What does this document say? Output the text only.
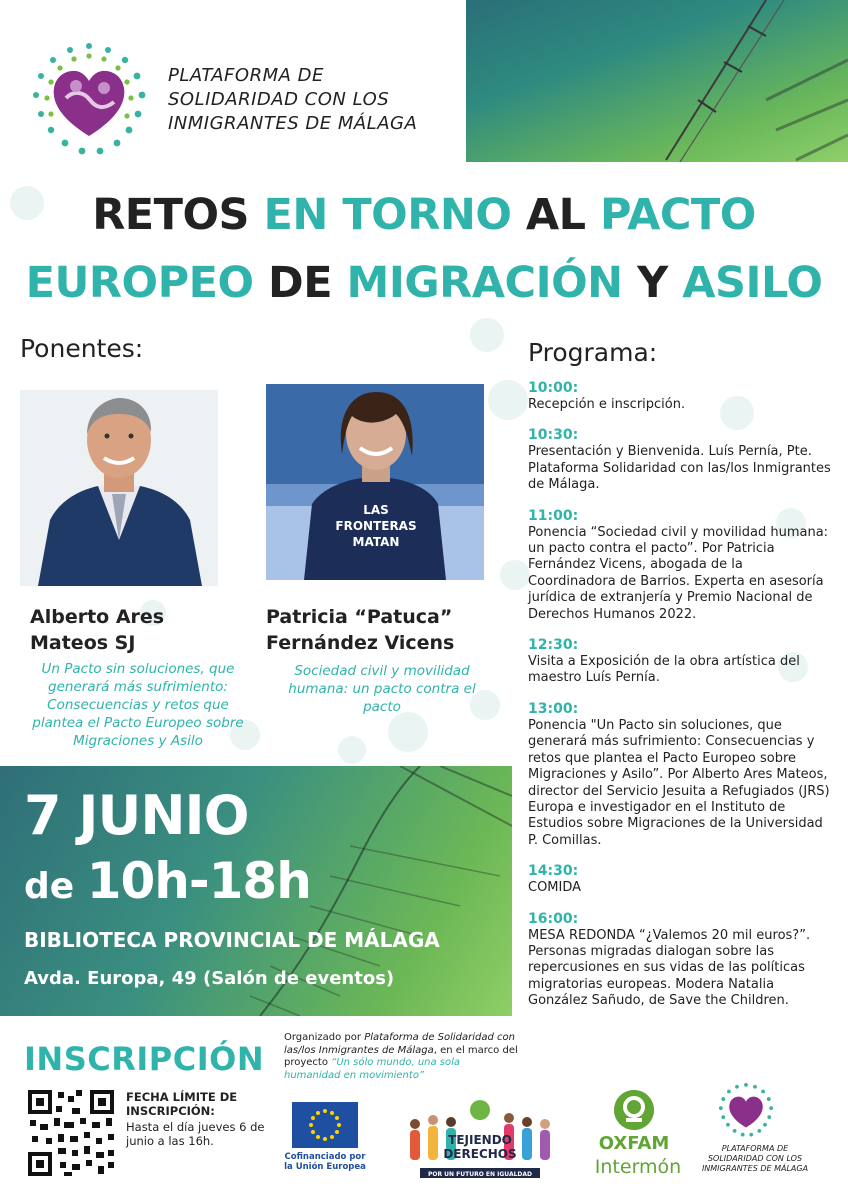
PLATAFORMA DE
SOLIDARIDAD CON LOS
INMIGRANTES DE MÁLAGA
RETOS EN TORNO AL PACTO
EUROPEO DE MIGRACIÓN Y ASILO
Ponentes:
LAS
FRONTERAS
MATAN
Alberto Ares
Mateos SJ
Patricia “Patuca”
Fernández Vicens
Un Pacto sin soluciones, que
generará más sufrimiento:
Consecuencias y retos que
plantea el Pacto Europeo sobre
Migraciones y Asilo
Sociedad civil y movilidad
humana: un pacto contra el
pacto
7 JUNIO
de 10h-18h
BIBLIOTECA PROVINCIAL DE MÁLAGA
Avda. Europa, 49 (Salón de eventos)
Programa:
10:00:
Recepción e inscripción.
10:30:
Presentación y Bienvenida. Luís Pernía, Pte. Plataforma Solidaridad con las/los Inmigrantes de Málaga.
11:00:
Ponencia “Sociedad civil y movilidad humana: un pacto contra el pacto”. Por Patricia Fernández Vicens, abogada de la Coordinadora de Barrios. Experta en asesoría jurídica de extranjería y Premio Nacional de Derechos Humanos 2022.
12:30:
Visita a Exposición de la obra artística del maestro Luís Pernía.
13:00:
Ponencia "Un Pacto sin soluciones, que generará más sufrimiento: Consecuencias y retos que plantea el Pacto Europeo sobre Migraciones y Asilo”. Por Alberto Ares Mateos, director del Servicio Jesuita a Refugiados (JRS) Europa e investigador en el Instituto de Estudios sobre Migraciones de la Universidad P. Comillas.
14:30:
COMIDA
16:00:
MESA REDONDA “¿Valemos 20 mil euros?”. Personas migradas dialogan sobre las repercusiones en sus vidas de las políticas migratorias europeas. Modera Natalia González Sañudo, de Save the Children.
INSCRIPCIÓN
FECHA LÍMITE DE INSCRIPCIÓN:
Hasta el día jueves 6 de junio a las 16h.
Organizado por Plataforma de Solidaridad con las/los Inmigrantes de Málaga, en el marco del proyecto “Un sólo mundo, una sola humanidad en movimiento”
Cofinanciado por la Unión Europea
TEJIENDO
DERECHOS
POR UN FUTURO EN IGUALDAD
OXFAM
Intermón
PLATAFORMA DE
SOLIDARIDAD CON LOS
INMIGRANTES DE MÁLAGA
